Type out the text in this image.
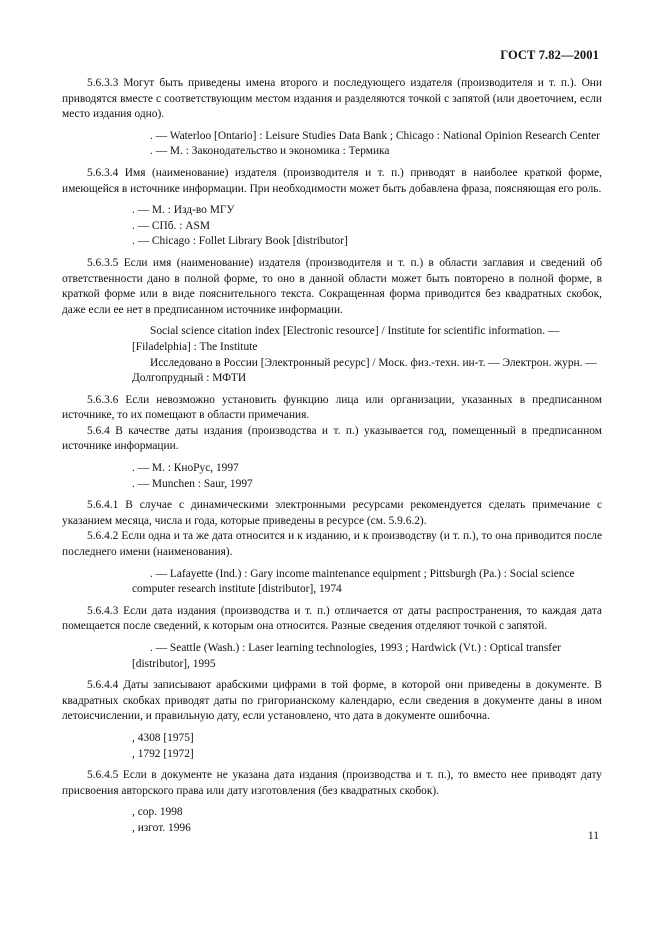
ГОСТ 7.82—2001

5.6.3.3 Могут быть приведены имена второго и последующего издателя (производителя и т. п.). Они приводятся вместе с соответствующим местом издания и разделяются точкой с запятой (или двоеточием, если место издания одно).

. — Waterloo [Ontario] : Leisure Studies Data Bank ; Chicago : National Opinion Research Center
. — М. : Законодательство и экономика : Термика

5.6.3.4 Имя (наименование) издателя (производителя и т. п.) приводят в наиболее краткой форме, имеющейся в источнике информации. При необходимости может быть добавлена фраза, поясняющая его роль.

. — М. : Изд-во МГУ
. — СПб. : ASM
. — Chicago : Follet Library Book [distributor]

5.6.3.5 Если имя (наименование) издателя (производителя и т. п.) в области заглавия и сведений об ответственности дано в полной форме, то оно в данной области может быть повторено в полной форме, в краткой форме или в виде пояснительного текста. Сокращенная форма приводится без квадратных скобок, даже если ее нет в предписанном источнике информации.

Social science citation index [Electronic resource] / Institute for scientific information. — [Filadelphia] : The Institute
Исследовано в России [Электронный ресурс] / Моск. физ.-техн. ин-т. — Электрон. журн. — Долгопрудный : МФТИ

5.6.3.6 Если невозможно установить функцию лица или организации, указанных в предписанном источнике, то их помещают в области примечания.

5.6.4 В качестве даты издания (производства и т. п.) указывается год, помещенный в предписанном источнике информации.

. — М. : КноРус, 1997
. — Munchen : Saur, 1997

5.6.4.1 В случае с динамическими электронными ресурсами рекомендуется сделать примечание с указанием месяца, числа и года, которые приведены в ресурсе (см. 5.9.6.2).

5.6.4.2 Если одна и та же дата относится и к изданию, и к производству (и т. п.), то она приводится после последнего имени (наименования).

. — Lafayette (Ind.) : Gary income maintenance equipment ; Pittsburgh (Pa.) : Social science computer research institute [distributor], 1974

5.6.4.3 Если дата издания (производства и т. п.) отличается от даты распространения, то каждая дата помещается после сведений, к которым она относится. Разные сведения отделяют точкой с запятой.

. — Seattle (Wash.) : Laser learning technologies, 1993 ; Hardwick (Vt.) : Optical transfer [distributor], 1995

5.6.4.4 Даты записывают арабскими цифрами в той форме, в которой они приведены в документе. В квадратных скобках приводят даты по григорианскому календарю, если сведения в документе даны в ином летоисчислении, и правильную дату, если установлено, что дата в документе ошибочна.

, 4308 [1975]
, 1792 [1972]

5.6.4.5 Если в документе не указана дата издания (производства и т. п.), то вместо нее приводят дату присвоения авторского права или дату изготовления (без квадратных скобок).

, cop. 1998
, изгот. 1996
11
